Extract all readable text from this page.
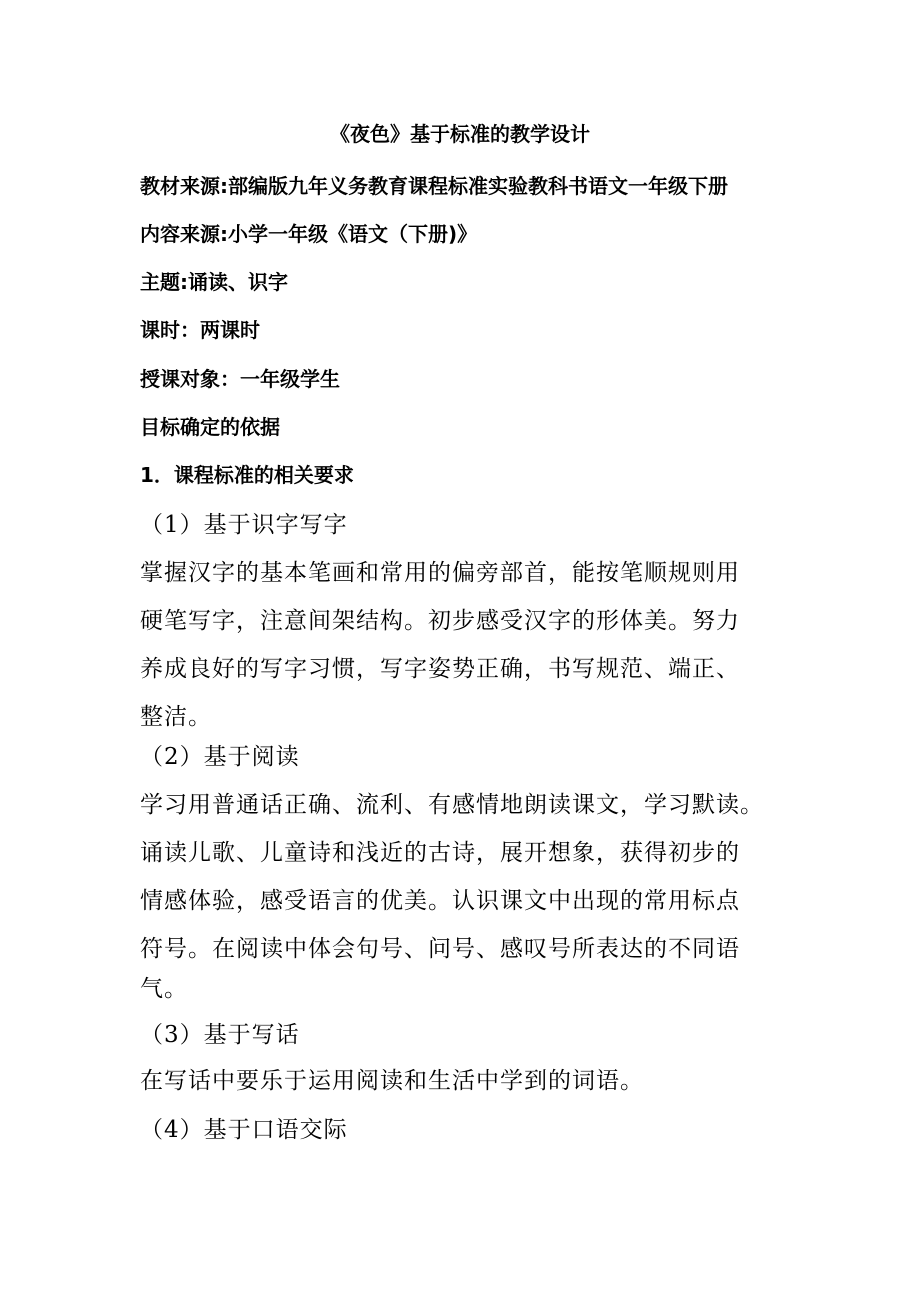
《夜色》基于标准的教学设计
教材来源:部编版九年义务教育课程标准实验教科书语文一年级下册
内容来源:小学一年级《语文（下册)》
主题:诵读、识字
课时：两课时
授课对象：一年级学生
目标确定的依据
1．课程标准的相关要求
（1）基于识字写字
掌握汉字的基本笔画和常用的偏旁部首，能按笔顺规则用
硬笔写字，注意间架结构。初步感受汉字的形体美。努力
养成良好的写字习惯，写字姿势正确，书写规范、端正、
整洁。
（2）基于阅读
学习用普通话正确、流利、有感情地朗读课文，学习默读。
诵读儿歌、儿童诗和浅近的古诗，展开想象，获得初步的
情感体验，感受语言的优美。认识课文中出现的常用标点
符号。在阅读中体会句号、问号、感叹号所表达的不同语
气。
（3）基于写话
在写话中要乐于运用阅读和生活中学到的词语。
（4）基于口语交际
